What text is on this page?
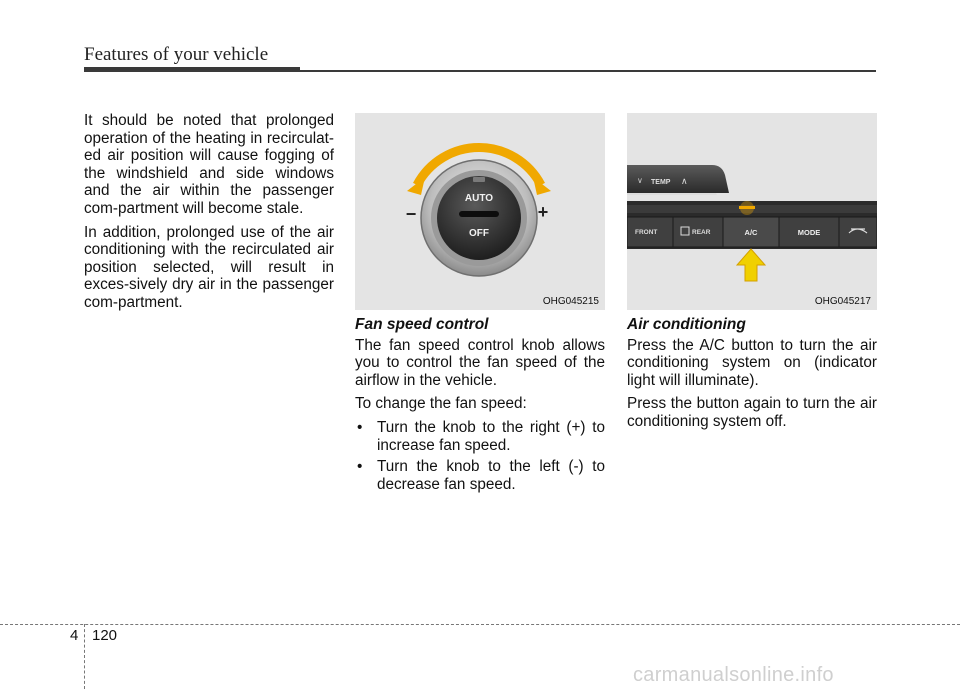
Features of your vehicle

It should be noted that prolonged operation of the heating in recirculat-ed air position will cause fogging of the windshield and side windows and the air within the passenger com-partment will become stale.

In addition, prolonged use of the air conditioning with the recirculated air position selected, will result in exces-sively dry air in the passenger com-partment.

AUTO
OFF
−	+
OHG045215
∨ TEMP ∧
FRONT	REAR	A/C	MODE
OHG045217
Fan speed control

The fan speed control knob allows you to control the fan speed of the airflow in the vehicle.

To change the fan speed:

• Turn the knob to the right (+) to increase fan speed.
• Turn the knob to the left (-) to decrease fan speed.
Air conditioning

Press the A/C button to turn the air conditioning system on (indicator light will illuminate).

Press the button again to turn the air conditioning system off.

4 120
carmanualsonline.info
